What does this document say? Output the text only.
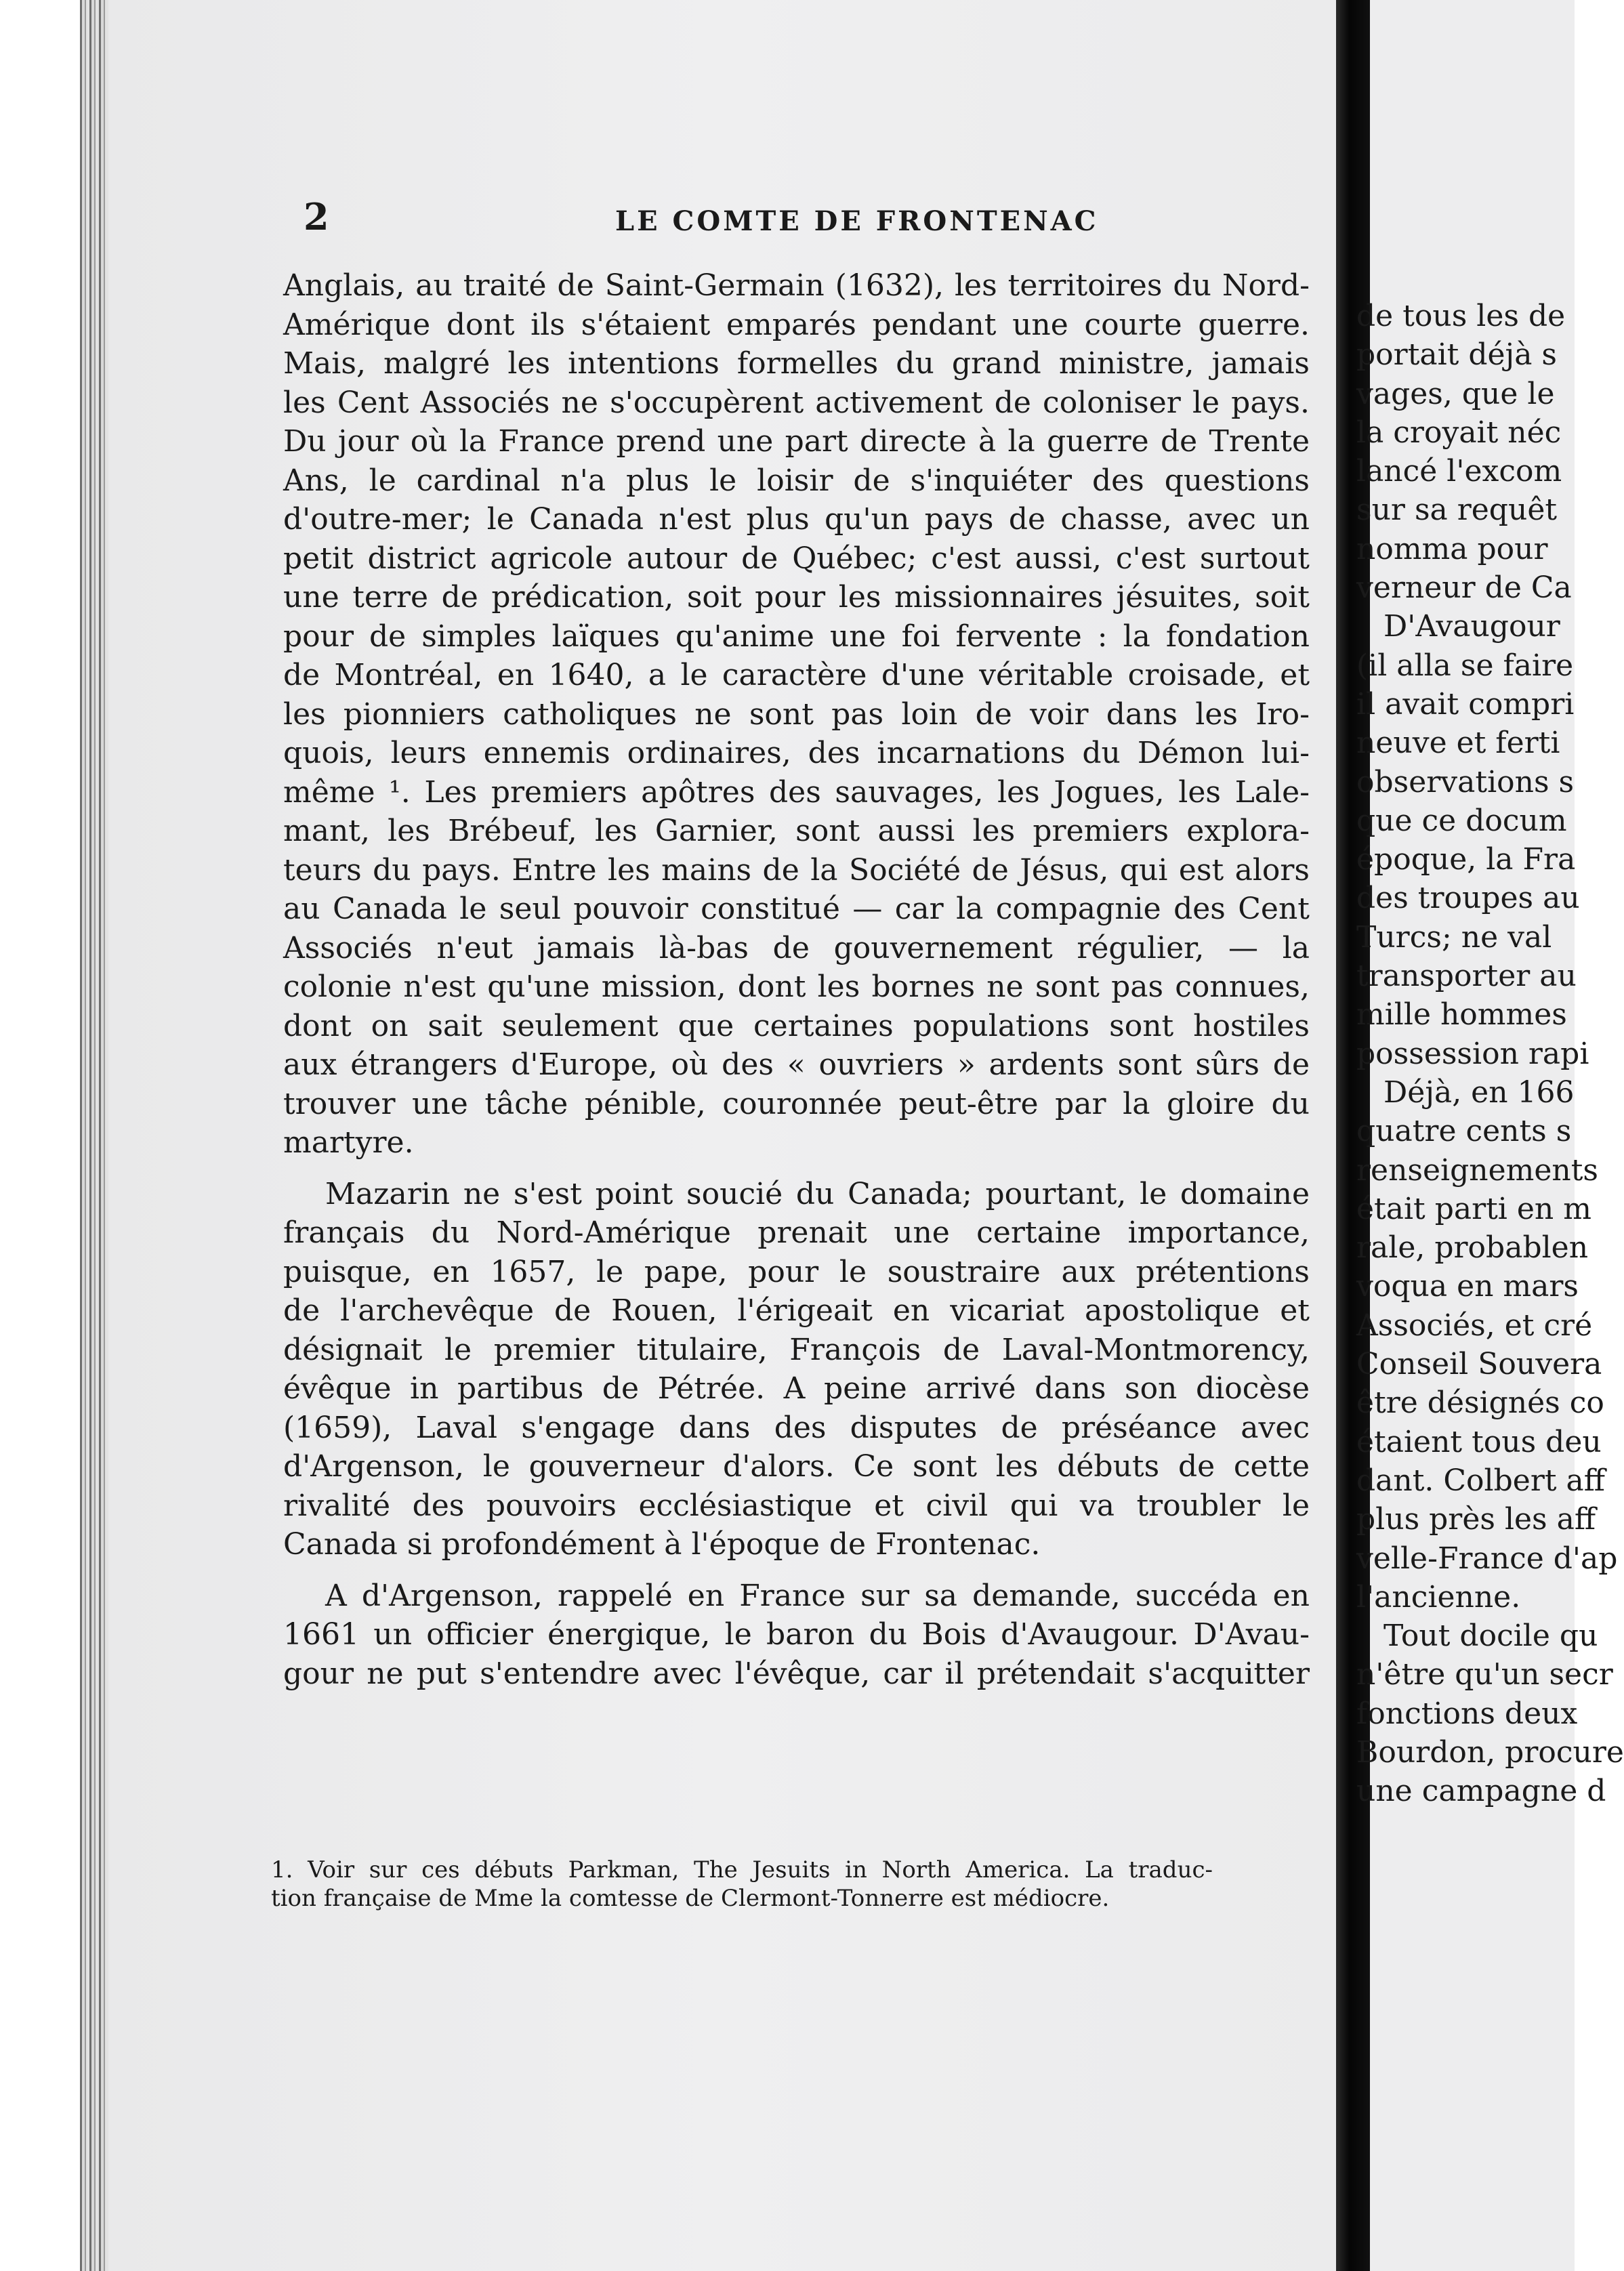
2	LE COMTE DE FRONTENAC
Anglais, au traité de Saint-Germain (1632), les territoires du Nord-
Amérique dont ils s'étaient emparés pendant une courte guerre.
Mais, malgré les intentions formelles du grand ministre, jamais
les Cent Associés ne s'occupèrent activement de coloniser le pays.
Du jour où la France prend une part directe à la guerre de Trente
Ans, le cardinal n'a plus le loisir de s'inquiéter des questions
d'outre-mer; le Canada n'est plus qu'un pays de chasse, avec un
petit district agricole autour de Québec; c'est aussi, c'est surtout
une terre de prédication, soit pour les missionnaires jésuites, soit
pour de simples laïques qu'anime une foi fervente : la fondation
de Montréal, en 1640, a le caractère d'une véritable croisade, et
les pionniers catholiques ne sont pas loin de voir dans les Iro-
quois, leurs ennemis ordinaires, des incarnations du Démon lui-
même ¹. Les premiers apôtres des sauvages, les Jogues, les Lale-
mant, les Brébeuf, les Garnier, sont aussi les premiers explora-
teurs du pays. Entre les mains de la Société de Jésus, qui est alors
au Canada le seul pouvoir constitué — car la compagnie des Cent
Associés n'eut jamais là-bas de gouvernement régulier, — la
colonie n'est qu'une mission, dont les bornes ne sont pas connues,
dont on sait seulement que certaines populations sont hostiles
aux étrangers d'Europe, où des « ouvriers » ardents sont sûrs de
trouver une tâche pénible, couronnée peut-être par la gloire du
martyre.
Mazarin ne s'est point soucié du Canada; pourtant, le domaine
français du Nord-Amérique prenait une certaine importance,
puisque, en 1657, le pape, pour le soustraire aux prétentions
de l'archevêque de Rouen, l'érigeait en vicariat apostolique et
désignait le premier titulaire, François de Laval-Montmorency,
évêque in partibus de Pétrée. A peine arrivé dans son diocèse
(1659), Laval s'engage dans des disputes de préséance avec
d'Argenson, le gouverneur d'alors. Ce sont les débuts de cette
rivalité des pouvoirs ecclésiastique et civil qui va troubler le
Canada si profondément à l'époque de Frontenac.
A d'Argenson, rappelé en France sur sa demande, succéda en
1661 un officier énergique, le baron du Bois d'Avaugour. D'Avau-
gour ne put s'entendre avec l'évêque, car il prétendait s'acquitter
1. Voir sur ces débuts Parkman, The Jesuits in North America. La traduc-
tion française de Mme la comtesse de Clermont-Tonnerre est médiocre.
de tous les de
portait déjà s
vages, que le
la croyait néc
lancé l'excom
sur sa requêt
nomma pour
verneur de Ca
D'Avaugour
(il alla se faire
il avait compri
neuve et ferti
observations s
que ce docum
époque, la Fra
des troupes au
Turcs; ne val
transporter au
mille hommes
possession rapi
Déjà, en 166
quatre cents s
renseignements
était parti en m
rale, probablen
voqua en mars
Associés, et cré
Conseil Souvera
être désignés co
étaient tous deu
dant. Colbert aff
plus près les aff
velle-France d'ap
l'ancienne.
Tout docile qu
n'être qu'un secr
fonctions deux
Bourdon, procure
une campagne d
